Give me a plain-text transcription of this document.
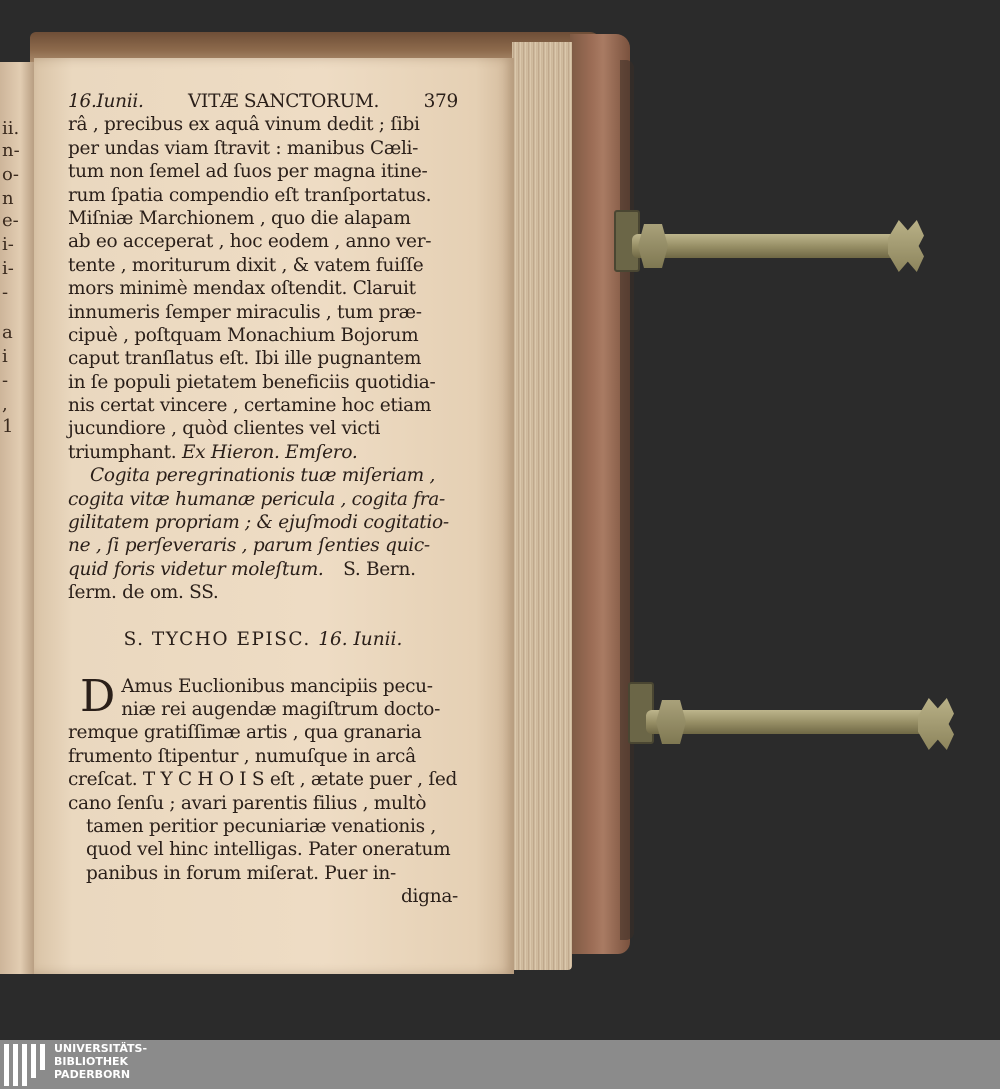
ii.
n-
o-
n
e-
i-
i-
-
a
i
-
,
1
16.Iunii. VITÆ SANCTORUM. 379
râ , precibus ex aquâ vinum dedit ; ſibi
per undas viam ſtravit : manibus Cæli-
tum non ſemel ad ſuos per magna itine-
rum ſpatia compendio eſt tranſportatus.
Miſniæ Marchionem , quo die alapam
ab eo acceperat , hoc eodem , anno ver-
tente , moriturum dixit , & vatem fuiſſe
mors minimè mendax oſtendit. Claruit
innumeris ſemper miraculis , tum præ-
cipuè , poſtquam Monachium Bojorum
caput tranſlatus eſt. Ibi ille pugnantem
in ſe populi pietatem beneficiis quotidia-
nis certat vincere , certamine hoc etiam
jucundiore , quòd clientes vel victi
triumphant. Ex Hieron. Emſero.
Cogita peregrinationis tuæ miſeriam ,
cogita vitæ humanæ pericula , cogita fra-
gilitatem propriam ; & ejuſmodi cogitatio-
ne , ſi perſeveraris , parum ſenties quic-
quid foris videtur moleſtum. S. Bern.
ſerm. de om. SS.
S. TYCHO EPISC. 16. Iunii.
D Amus Euclionibus mancipiis pecu-
niæ rei augendæ magiſtrum docto-
remque gratiſſimæ artis , qua granaria
frumento ſtipentur , numuſque in arcâ
creſcat. T Y C H O I S eſt , ætate puer , ſed
cano ſenſu ; avari parentis filius , multò
tamen peritior pecuniariæ venationis ,
quod vel hinc intelligas. Pater oneratum
panibus in forum miſerat. Puer in-
digna-
UNIVERSITÄTS-
BIBLIOTHEK
PADERBORN
